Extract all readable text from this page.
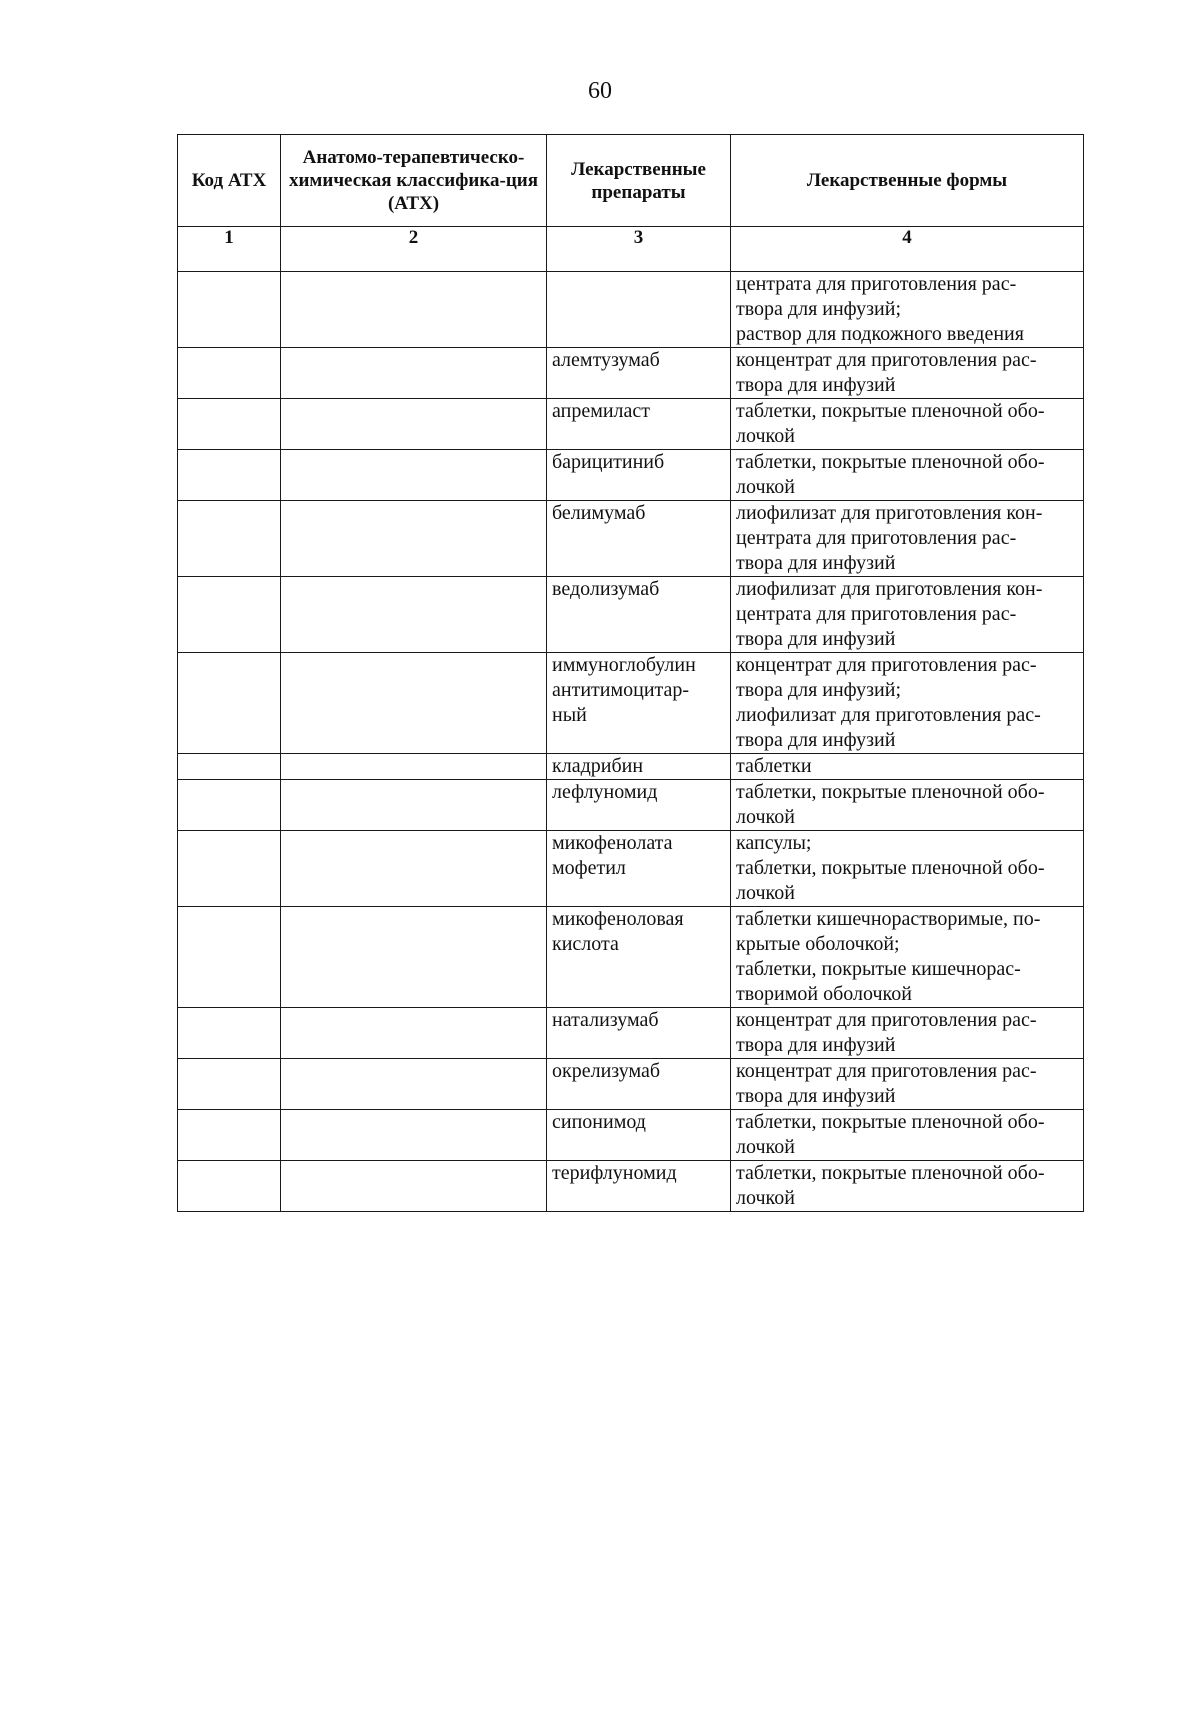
60
Код АТХ	Анатомо-терапевтическо-химическая классифика-ция (АТХ)	Лекарственные препараты	Лекарственные формы
1	2	3	4

			центрата для приготовления рас-
твора для инфузий;
раствор для подкожного введения

		алемтузумаб	концентрат для приготовления рас-
твора для инфузий

		апремиласт	таблетки, покрытые пленочной обо-
лочкой

		барицитиниб	таблетки, покрытые пленочной обо-
лочкой

		белимумаб	лиофилизат для приготовления кон-
центрата для приготовления рас-
твора для инфузий

		ведолизумаб	лиофилизат для приготовления кон-
центрата для приготовления рас-
твора для инфузий

		иммуноглобулин
антитимоцитар-
ный	концентрат для приготовления рас-
твора для инфузий;
лиофилизат для приготовления рас-
твора для инфузий

		кладрибин	таблетки

		лефлуномид	таблетки, покрытые пленочной обо-
лочкой

		микофенолата
мофетил	капсулы;
таблетки, покрытые пленочной обо-
лочкой

		микофеноловая
кислота	таблетки кишечнорастворимые, по-
крытые оболочкой;
таблетки, покрытые кишечнорас-
творимой оболочкой

		натализумаб	концентрат для приготовления рас-
твора для инфузий

		окрелизумаб	концентрат для приготовления рас-
твора для инфузий

		сипонимод	таблетки, покрытые пленочной обо-
лочкой

		терифлуномид	таблетки, покрытые пленочной обо-
лочкой
